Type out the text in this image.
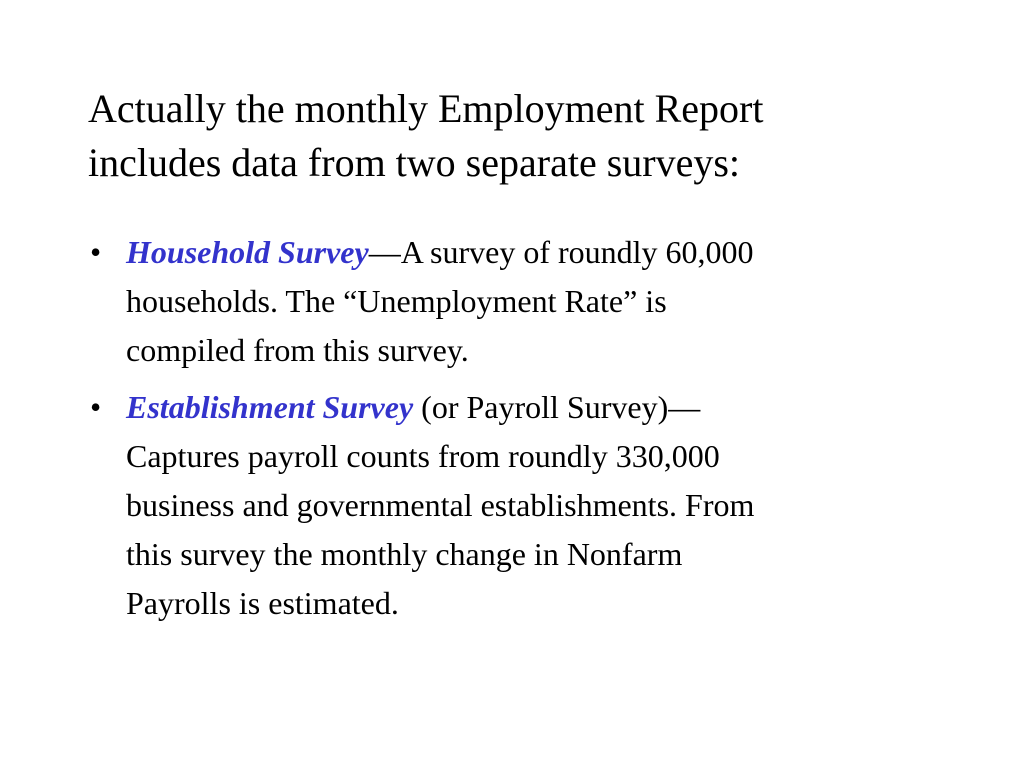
Actually the monthly Employment Report
includes data from two separate surveys:
• Household Survey—A survey of roundly 60,000
households. The “Unemployment Rate” is
compiled from this survey.
• Establishment Survey (or Payroll Survey)—
Captures payroll counts from roundly 330,000
business and governmental establishments. From
this survey the monthly change in Nonfarm
Payrolls is estimated.
